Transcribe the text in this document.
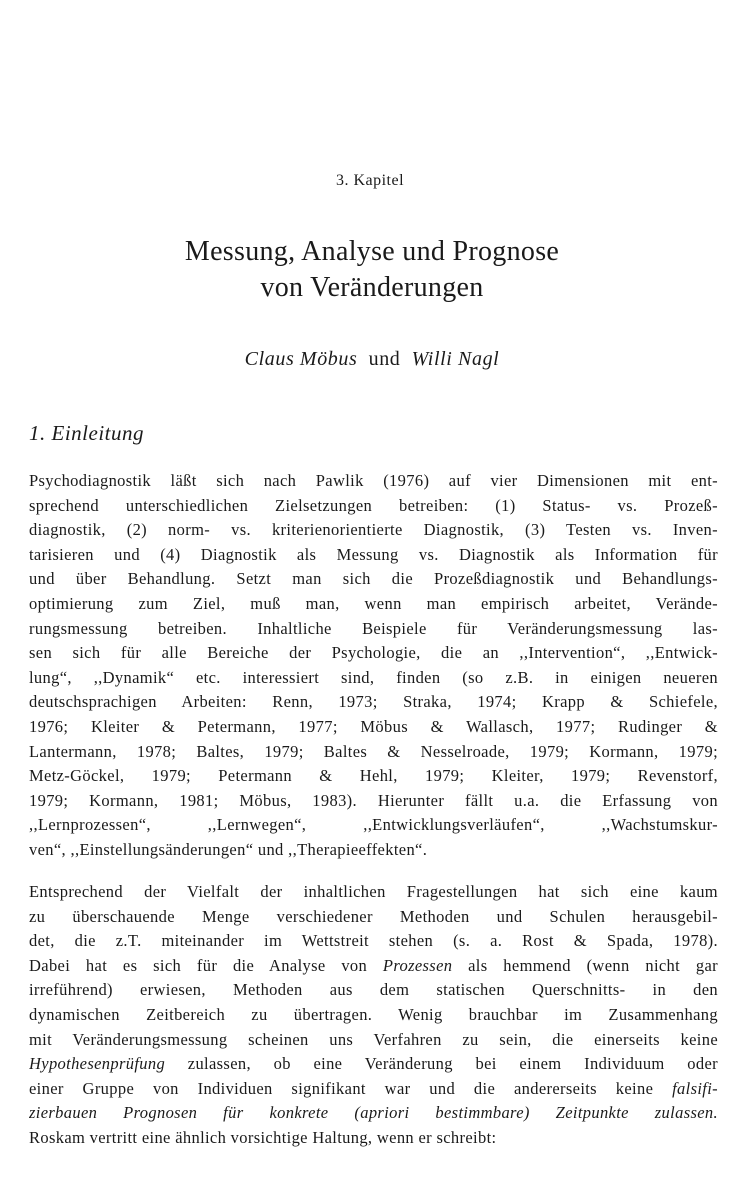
3. Kapitel
Messung, Analyse und Prognose
von Veränderungen
Claus Möbus und Willi Nagl
1. Einleitung
Psychodiagnostik läßt sich nach Pawlik (1976) auf vier Dimensionen mit ent-
sprechend unterschiedlichen Zielsetzungen betreiben: (1) Status- vs. Prozeß-
diagnostik, (2) norm- vs. kriterienorientierte Diagnostik, (3) Testen vs. Inven-
tarisieren und (4) Diagnostik als Messung vs. Diagnostik als Information für
und über Behandlung. Setzt man sich die Prozeßdiagnostik und Behandlungs-
optimierung zum Ziel, muß man, wenn man empirisch arbeitet, Verände-
rungsmessung betreiben. Inhaltliche Beispiele für Veränderungsmessung las-
sen sich für alle Bereiche der Psychologie, die an ,,Intervention“, ,,Entwick-
lung“, ,,Dynamik“ etc. interessiert sind, finden (so z.B. in einigen neueren
deutschsprachigen Arbeiten: Renn, 1973; Straka, 1974; Krapp & Schiefele,
1976; Kleiter & Petermann, 1977; Möbus & Wallasch, 1977; Rudinger &
Lantermann, 1978; Baltes, 1979; Baltes & Nesselroade, 1979; Kormann, 1979;
Metz-Göckel, 1979; Petermann & Hehl, 1979; Kleiter, 1979; Revenstorf,
1979; Kormann, 1981; Möbus, 1983). Hierunter fällt u.a. die Erfassung von
,,Lernprozessen“, ,,Lernwegen“, ,,Entwicklungsverläufen“, ,,Wachstumskur-
ven“, ,,Einstellungsänderungen“ und ,,Therapieeffekten“.
Entsprechend der Vielfalt der inhaltlichen Fragestellungen hat sich eine kaum
zu überschauende Menge verschiedener Methoden und Schulen herausgebil-
det, die z.T. miteinander im Wettstreit stehen (s. a. Rost & Spada, 1978).
Dabei hat es sich für die Analyse von Prozessen als hemmend (wenn nicht gar
irreführend) erwiesen, Methoden aus dem statischen Querschnitts- in den
dynamischen Zeitbereich zu übertragen. Wenig brauchbar im Zusammenhang
mit Veränderungsmessung scheinen uns Verfahren zu sein, die einerseits keine
Hypothesenprüfung zulassen, ob eine Veränderung bei einem Individuum oder
einer Gruppe von Individuen signifikant war und die andererseits keine falsifi-
zierbauen Prognosen für konkrete (apriori bestimmbare) Zeitpunkte zulassen.
Roskam vertritt eine ähnlich vorsichtige Haltung, wenn er schreibt:
